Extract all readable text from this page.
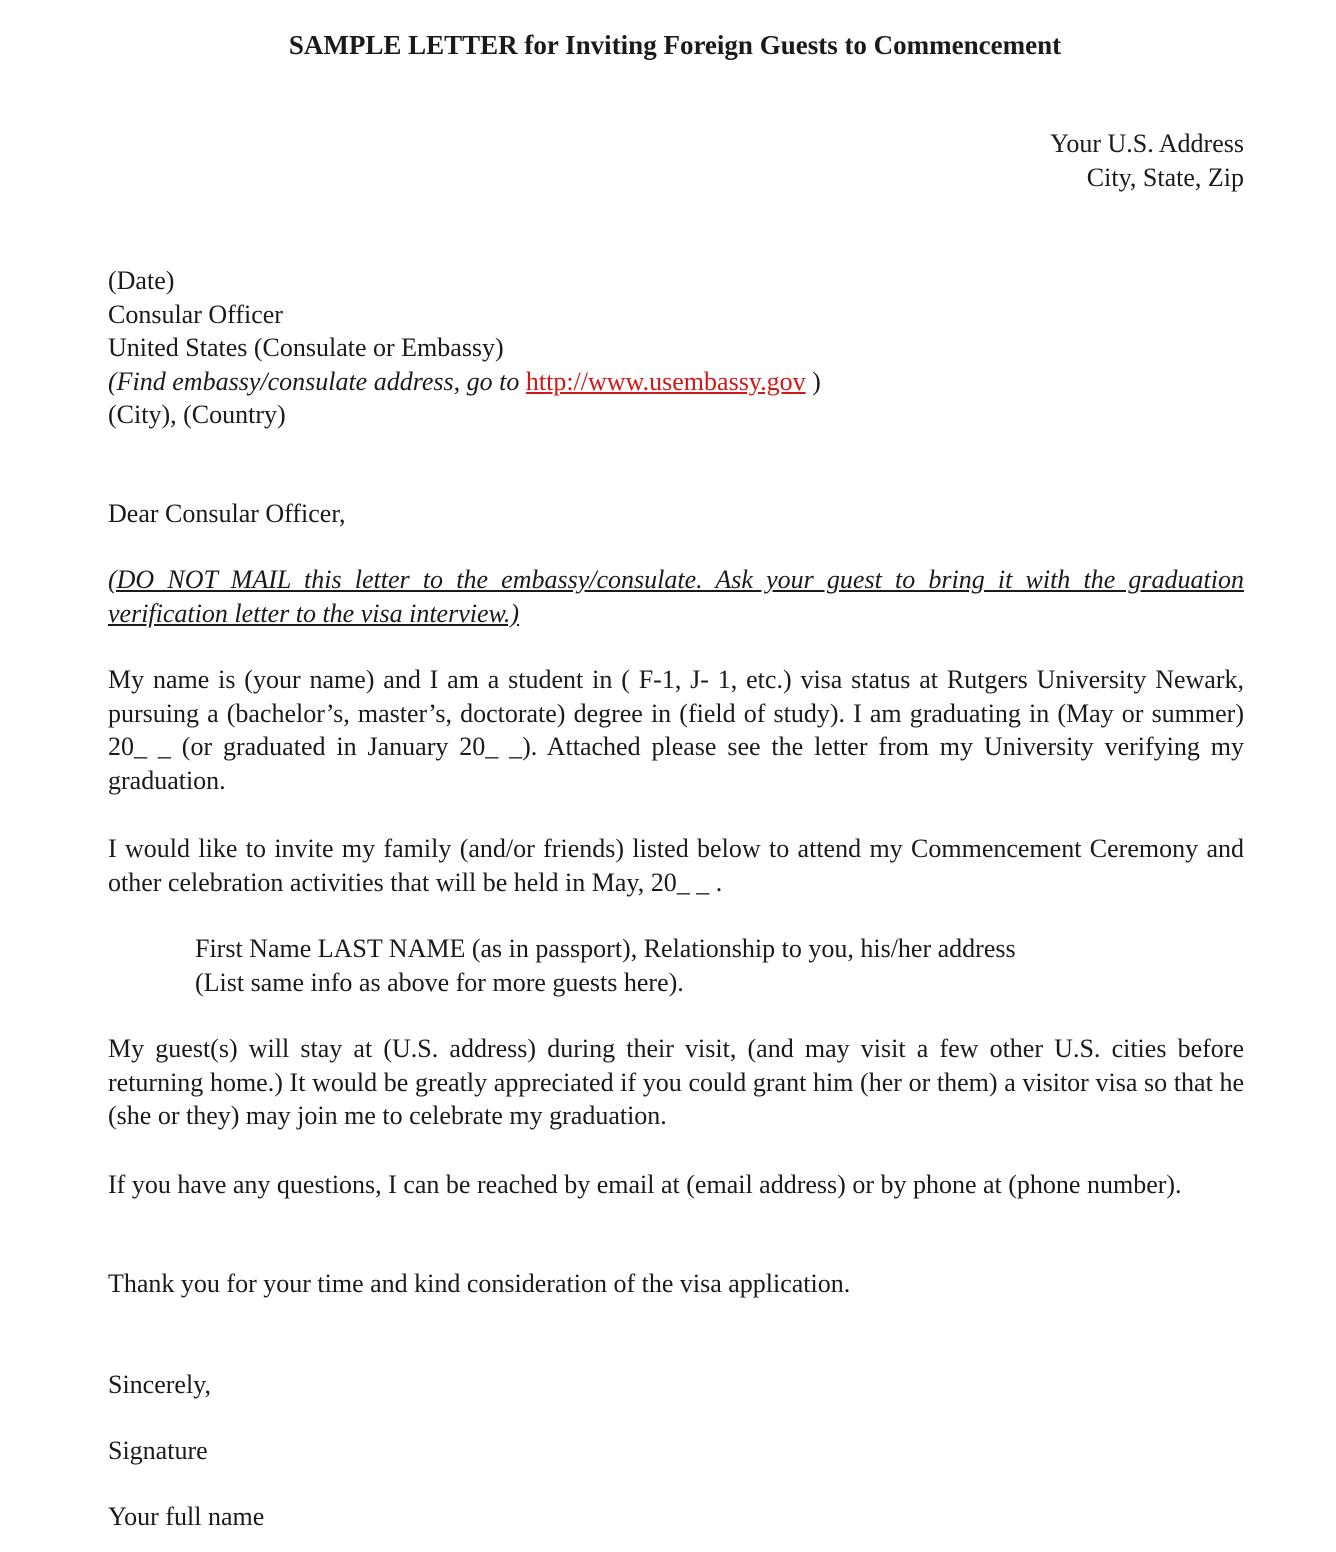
SAMPLE LETTER for Inviting Foreign Guests to Commencement
Your U.S. Address
City, State, Zip
(Date)
Consular Officer
United States (Consulate or Embassy)
(Find embassy/consulate address, go to http://www.usembassy.gov )
(City), (Country)

Dear Consular Officer,

(DO NOT MAIL this letter to the embassy/consulate. Ask your guest to bring it with the graduation verification letter to the visa interview.)

My name is (your name) and I am a student in ( F-1, J- 1, etc.) visa status at Rutgers University Newark, pursuing a (bachelor’s, master’s, doctorate) degree in (field of study). I am graduating in (May or summer) 20_ _ (or graduated in January 20_ _). Attached please see the letter from my University verifying my graduation.

I would like to invite my family (and/or friends) listed below to attend my Commencement Ceremony and other celebration activities that will be held in May, 20_ _ .

First Name LAST NAME (as in passport), Relationship to you, his/her address
(List same info as above for more guests here).

My guest(s) will stay at (U.S. address) during their visit, (and may visit a few other U.S. cities before returning home.) It would be greatly appreciated if you could grant him (her or them) a visitor visa so that he (she or they) may join me to celebrate my graduation.

If you have any questions, I can be reached by email at (email address) or by phone at (phone number).

Thank you for your time and kind consideration of the visa application.

Sincerely,

Signature

Your full name
